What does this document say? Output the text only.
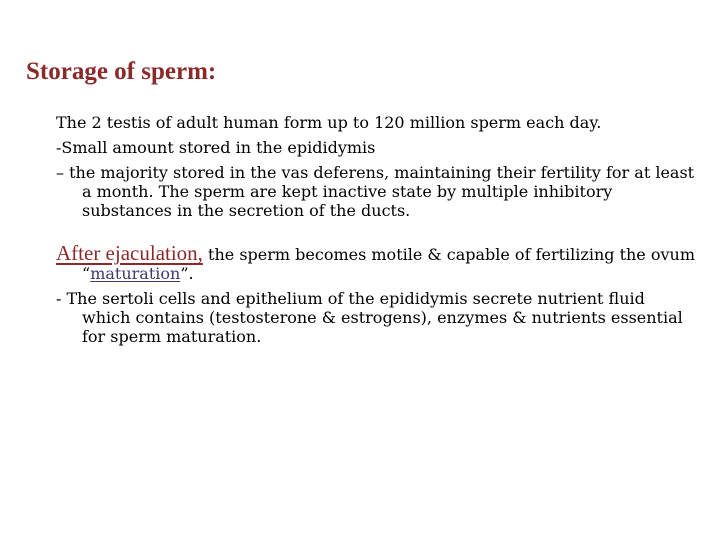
Storage of sperm:

The 2 testis of adult human form up to 120 million sperm each day.

-Small amount stored in the epididymis

– the majority stored in the vas deferens, maintaining their fertility for at least a month. The sperm are kept inactive state by multiple inhibitory substances in the secretion of the ducts.

After ejaculation, the sperm becomes motile & capable of fertilizing the ovum “maturation”.

- The sertoli cells and epithelium of the epididymis secrete nutrient fluid which contains (testosterone & estrogens), enzymes & nutrients essential for sperm maturation.
